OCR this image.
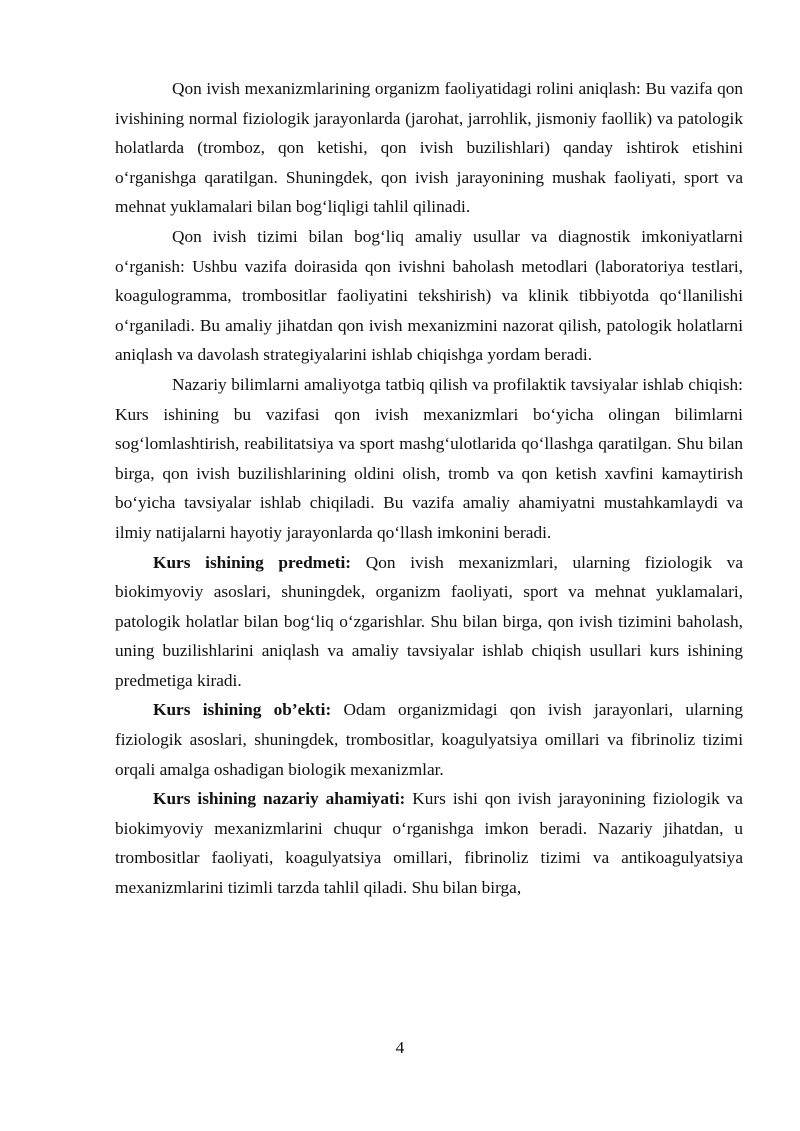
Qon ivish mexanizmlarining organizm faoliyatidagi rolini aniqlash: Bu vazifa qon ivishining normal fiziologik jarayonlarda (jarohat, jarrohlik, jismoniy faollik) va patologik holatlarda (tromboz, qon ketishi, qon ivish buzilishlari) qanday ishtirok etishini o‘rganishga qaratilgan. Shuningdek, qon ivish jarayonining mushak faoliyati, sport va mehnat yuklamalari bilan bog‘liqligi tahlil qilinadi.

Qon ivish tizimi bilan bog‘liq amaliy usullar va diagnostik imkoniyatlarni o‘rganish: Ushbu vazifa doirasida qon ivishni baholash metodlari (laboratoriya testlari, koagulogramma, trombositlar faoliyatini tekshirish) va klinik tibbiyotda qo‘llanilishi o‘rganiladi. Bu amaliy jihatdan qon ivish mexanizmini nazorat qilish, patologik holatlarni aniqlash va davolash strategiyalarini ishlab chiqishga yordam beradi.

Nazariy bilimlarni amaliyotga tatbiq qilish va profilaktik tavsiyalar ishlab chiqish: Kurs ishining bu vazifasi qon ivish mexanizmlari bo‘yicha olingan bilimlarni sog‘lomlashtirish, reabilitatsiya va sport mashg‘ulotlarida qo‘llashga qaratilgan. Shu bilan birga, qon ivish buzilishlarining oldini olish, tromb va qon ketish xavfini kamaytirish bo‘yicha tavsiyalar ishlab chiqiladi. Bu vazifa amaliy ahamiyatni mustahkamlaydi va ilmiy natijalarni hayotiy jarayonlarda qo‘llash imkonini beradi.

Kurs ishining predmeti: Qon ivish mexanizmlari, ularning fiziologik va biokimyoviy asoslari, shuningdek, organizm faoliyati, sport va mehnat yuklamalari, patologik holatlar bilan bog‘liq o‘zgarishlar. Shu bilan birga, qon ivish tizimini baholash, uning buzilishlarini aniqlash va amaliy tavsiyalar ishlab chiqish usullari kurs ishining predmetiga kiradi.

Kurs ishining ob’ekti: Odam organizmidagi qon ivish jarayonlari, ularning fiziologik asoslari, shuningdek, trombositlar, koagulyatsiya omillari va fibrinoliz tizimi orqali amalga oshadigan biologik mexanizmlar.

Kurs ishining nazariy ahamiyati: Kurs ishi qon ivish jarayonining fiziologik va biokimyoviy mexanizmlarini chuqur o‘rganishga imkon beradi. Nazariy jihatdan, u trombositlar faoliyati, koagulyatsiya omillari, fibrinoliz tizimi va antikoagulyatsiya mexanizmlarini tizimli tarzda tahlil qiladi. Shu bilan birga,

4
